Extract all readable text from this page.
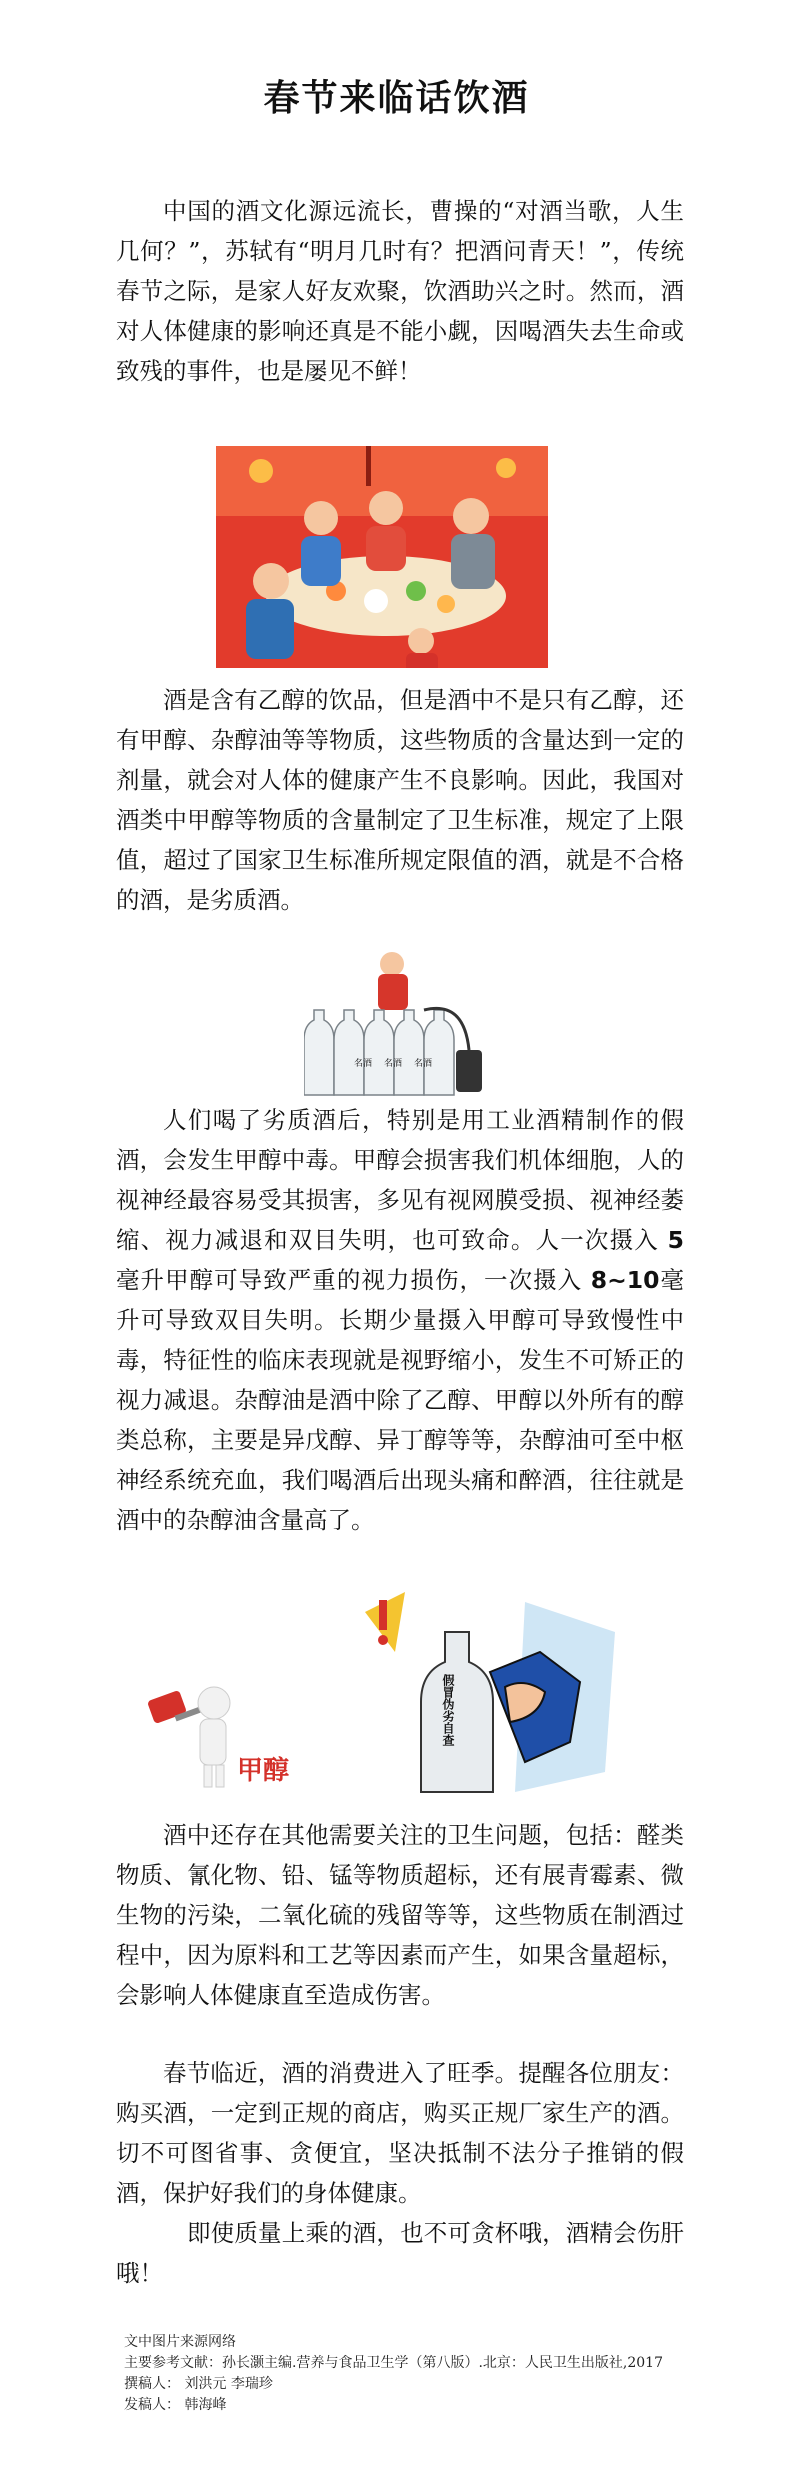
春节来临话饮酒

中国的酒文化源远流长，曹操的“对酒当歌，人生几何？”，苏轼有“明月几时有？把酒问青天！”，传统春节之际，是家人好友欢聚，饮酒助兴之时。然而，酒对人体健康的影响还真是不能小觑，因喝酒失去生命或致残的事件，也是屡见不鲜！

酒是含有乙醇的饮品，但是酒中不是只有乙醇，还有甲醇、杂醇油等等物质，这些物质的含量达到一定的剂量，就会对人体的健康产生不良影响。因此，我国对酒类中甲醇等物质的含量制定了卫生标准，规定了上限值，超过了国家卫生标准所规定限值的酒，就是不合格的酒，是劣质酒。

名酒 名酒 名酒

人们喝了劣质酒后，特别是用工业酒精制作的假酒，会发生甲醇中毒。甲醇会损害我们机体细胞，人的视神经最容易受其损害，多见有视网膜受损、视神经萎缩、视力减退和双目失明，也可致命。人一次摄入 5 毫升甲醇可导致严重的视力损伤，一次摄入 8~10毫升可导致双目失明。长期少量摄入甲醇可导致慢性中毒，特征性的临床表现就是视野缩小，发生不可矫正的视力减退。杂醇油是酒中除了乙醇、甲醇以外所有的醇类总称，主要是异戊醇、异丁醇等等，杂醇油可至中枢神经系统充血，我们喝酒后出现头痛和醉酒，往往就是酒中的杂醇油含量高了。

甲醇
假冒伪劣自查

酒中还存在其他需要关注的卫生问题，包括：醛类物质、氰化物、铅、锰等物质超标，还有展青霉素、微生物的污染，二氧化硫的残留等等，这些物质在制酒过程中，因为原料和工艺等因素而产生，如果含量超标，会影响人体健康直至造成伤害。

春节临近，酒的消费进入了旺季。提醒各位朋友：购买酒，一定到正规的商店，购买正规厂家生产的酒。切不可图省事、贪便宜，坚决抵制不法分子推销的假酒，保护好我们的身体健康。

即使质量上乘的酒，也不可贪杯哦，酒精会伤肝哦！

文中图片来源网络
主要参考文献：孙长灏主编.营养与食品卫生学（第八版）.北京：人民卫生出版社,2017
撰稿人： 刘洪元 李瑞珍
发稿人： 韩海峰
